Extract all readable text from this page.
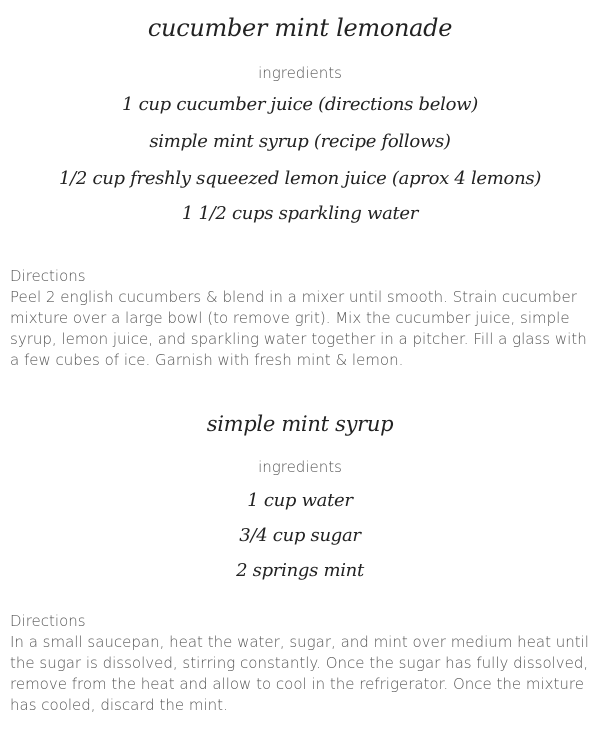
cucumber mint lemonade
ingredients
1 cup cucumber juice (directions below)
simple mint syrup (recipe follows)
1/2 cup freshly squeezed lemon juice (aprox 4 lemons)
1 1/2 cups sparkling water

Directions

Peel 2 english cucumbers & blend in a mixer until smooth. Strain cucumber mixture over a large bowl (to remove grit). Mix the cucumber juice, simple syrup, lemon juice, and sparkling water together in a pitcher. Fill a glass with a few cubes of ice. Garnish with fresh mint & lemon.

simple mint syrup
ingredients
1 cup water
3/4 cup sugar
2 springs mint

Directions

In a small saucepan, heat the water, sugar, and mint over medium heat until the sugar is dissolved, stirring constantly. Once the sugar has fully dissolved, remove from the heat and allow to cool in the refrigerator. Once the mixture has cooled, discard the mint.
